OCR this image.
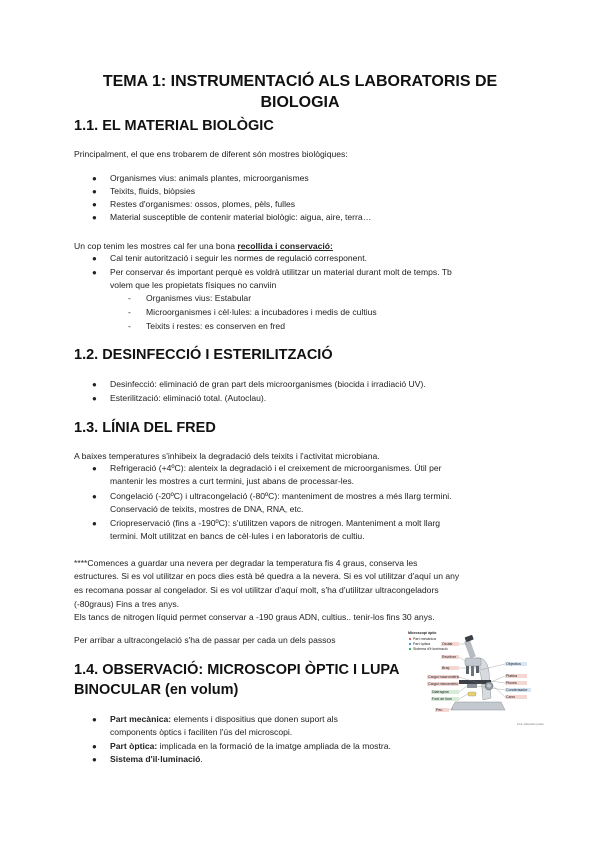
TEMA 1: INSTRUMENTACIÓ ALS LABORATORIS DE
BIOLOGIA
1.1. EL MATERIAL BIOLÒGIC
Principalment, el que ens trobarem de diferent són mostres biològiques:
●	Organismes vius: animals plantes, microorganismes
●	Teixits, fluids, biòpsies
●	Restes d'organismes: ossos, plomes, pèls, fulles
●	Material susceptible de contenir material biològic: aigua, aire, terra…
Un cop tenim les mostres cal fer una bona recollida i conservació:
●	Cal tenir autorització i seguir les normes de regulació corresponent.
●	Per conservar és important perquè es voldrà utilitzar un material durant molt de temps. Tb
volem que les propietats físiques no canviin
- Organismes vius: Estabular
- Microorganismes i cèl·lules: a incubadores i medis de cultius
- Teixits i restes: es conserven en fred
1.2. DESINFECCIÓ I ESTERILITZACIÓ
●	Desinfecció: eliminació de gran part dels microorganismes (biocida i irradiació UV).
●	Esterilització: eliminació total. (Autoclau).
1.3. LÍNIA DEL FRED
A baixes temperatures s'inhibeix la degradació dels teixits i l'activitat microbiana.
●	Refrigeració (+4ºC): alenteix la degradació i el creixement de microorganismes. Útil per
mantenir les mostres a curt termini, just abans de processar-les.
●	Congelació (-20ºC) i ultracongelació (-80ºC): manteniment de mostres a més llarg termini.
Conservació de teixits, mostres de DNA, RNA, etc.
●	Criopreservació (fins a -190ºC): s'utilitzen vapors de nitrogen. Manteniment a molt llarg
termini. Molt utilitzat en bancs de cèl·lules i en laboratoris de cultiu.
****Comences a guardar una nevera per degradar la temperatura fis 4 graus, conserva les
estructures. Si es vol utilitzar en pocs dies està bé quedra a la nevera. Si es vol utilitzar d'aquí un any
es recomana possar al congelador. Si es vol utilitzar d'aquí molt, s'ha d'utilitzar ultracongeladors
(-80graus) Fins a tres anys.
Els tancs de nitrogen líquid permet conservar a -190 graus ADN, cultius.. tenir-los fins 30 anys.
Per arribar a ultracongelació s'ha de passar per cada un dels passos
1.4. OBSERVACIÓ: MICROSCOPI ÒPTIC I LUPA
BINOCULAR (en volum)
●	Part mecànica: elements i dispositius que donen suport als
components òptics i faciliten l'ús del microscopi.
●	Part òptica: implicada en la formació de la imatge ampliada de la mostra.
●	Sistema d'il·luminació.
Microscopi òptic
Part mecànica
Part òptica
Sistema d'il·luminació
Ocular
Revòlver
Braç
Cargol macromètric
Cargol micromètric
Diafragma
Font de llum
Peu
Objectius
Platina
Pinces
Condensador
Carro
Font: elaboració pròpia
